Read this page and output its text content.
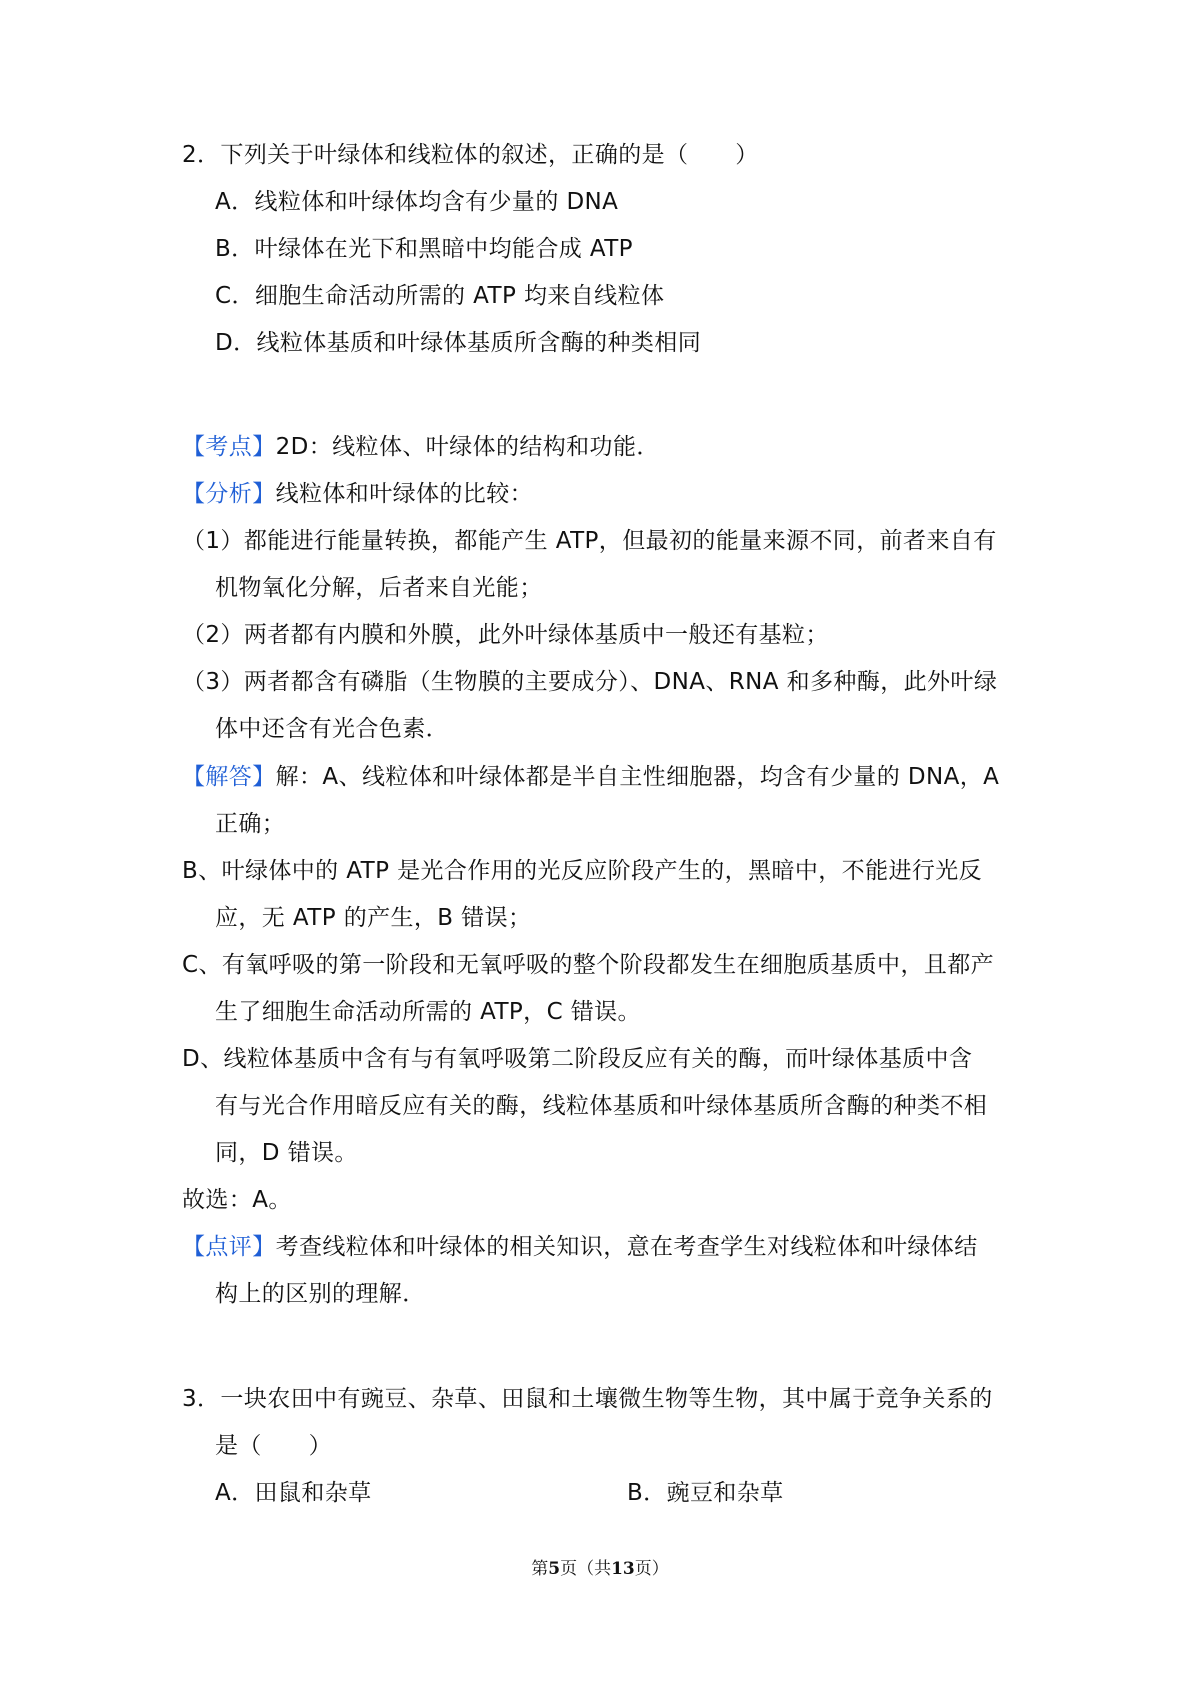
2．下列关于叶绿体和线粒体的叙述，正确的是（　　）
A．线粒体和叶绿体均含有少量的 DNA
B．叶绿体在光下和黑暗中均能合成 ATP
C．细胞生命活动所需的 ATP 均来自线粒体
D．线粒体基质和叶绿体基质所含酶的种类相同
【考点】2D：线粒体、叶绿体的结构和功能．
【分析】线粒体和叶绿体的比较：
（1）都能进行能量转换，都能产生 ATP，但最初的能量来源不同，前者来自有
机物氧化分解，后者来自光能；
（2）两者都有内膜和外膜，此外叶绿体基质中一般还有基粒；
（3）两者都含有磷脂（生物膜的主要成分）、DNA、RNA 和多种酶，此外叶绿
体中还含有光合色素．
【解答】解：A、线粒体和叶绿体都是半自主性细胞器，均含有少量的 DNA，A
正确；
B、叶绿体中的 ATP 是光合作用的光反应阶段产生的，黑暗中，不能进行光反
应，无 ATP 的产生，B 错误；
C、有氧呼吸的第一阶段和无氧呼吸的整个阶段都发生在细胞质基质中，且都产
生了细胞生命活动所需的 ATP，C 错误。
D、线粒体基质中含有与有氧呼吸第二阶段反应有关的酶，而叶绿体基质中含
有与光合作用暗反应有关的酶，线粒体基质和叶绿体基质所含酶的种类不相
同，D 错误。
故选：A。
【点评】考查线粒体和叶绿体的相关知识，意在考查学生对线粒体和叶绿体结
构上的区别的理解．
3．一块农田中有豌豆、杂草、田鼠和土壤微生物等生物，其中属于竞争关系的
是（　　）
A．田鼠和杂草	B．豌豆和杂草
第5页（共13页）
